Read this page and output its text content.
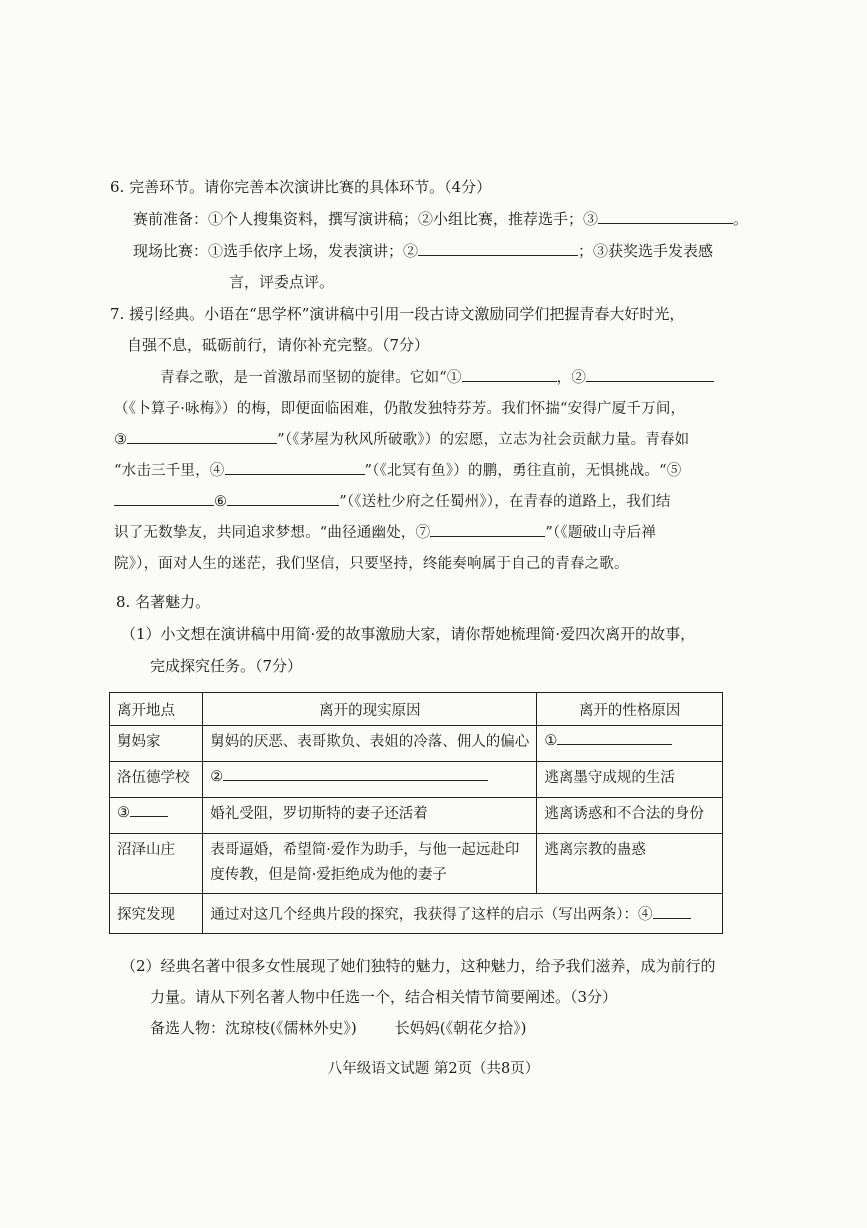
6. 完善环节。请你完善本次演讲比赛的具体环节。（4分）
赛前准备：①个人搜集资料，撰写演讲稿；②小组比赛，推荐选手；③	。
现场比赛：①选手依序上场，发表演讲；②	；③获奖选手发表感
言，评委点评。
7. 援引经典。小语在“思学杯”演讲稿中引用一段古诗文激励同学们把握青春大好时光，
自强不息，砥砺前行，请你补充完整。（7分）
青春之歌，是一首激昂而坚韧的旋律。它如“①	，②
（《卜算子·咏梅》）的梅，即便面临困难，仍散发独特芬芳。我们怀揣“安得广厦千万间，
③	”（《茅屋为秋风所破歌》）的宏愿，立志为社会贡献力量。青春如
“水击三千里，④	”（《北冥有鱼》）的鹏，勇往直前，无惧挑战。“⑤
⑥	”（《送杜少府之任蜀州》），在青春的道路上，我们结
识了无数挚友，共同追求梦想。“曲径通幽处，⑦	”（《题破山寺后禅
院》），面对人生的迷茫，我们坚信，只要坚持，终能奏响属于自己的青春之歌。
8. 名著魅力。
（1）小文想在演讲稿中用简·爱的故事激励大家，请你帮她梳理简·爱四次离开的故事，
完成探究任务。（7分）
离开地点	离开的现实原因	离开的性格原因
舅妈家	舅妈的厌恶、表哥欺负、表姐的冷落、佣人的偏心	①
洛伍德学校	②	逃离墨守成规的生活
③	婚礼受阻，罗切斯特的妻子还活着	逃离诱惑和不合法的身份
沼泽山庄	表哥逼婚，希望简·爱作为助手，与他一起远赴印度传教，但是简·爱拒绝成为他的妻子	逃离宗教的蛊惑
探究发现	通过对这几个经典片段的探究，我获得了这样的启示（写出两条）：④	
（2）经典名著中很多女性展现了她们独特的魅力，这种魅力，给予我们滋养，成为前行的
力量。请从下列名著人物中任选一个，结合相关情节简要阐述。（3分）
备选人物：沈琼枝(《儒林外史》)	长妈妈(《朝花夕拾》)
八年级语文试题 第2页（共8页）
